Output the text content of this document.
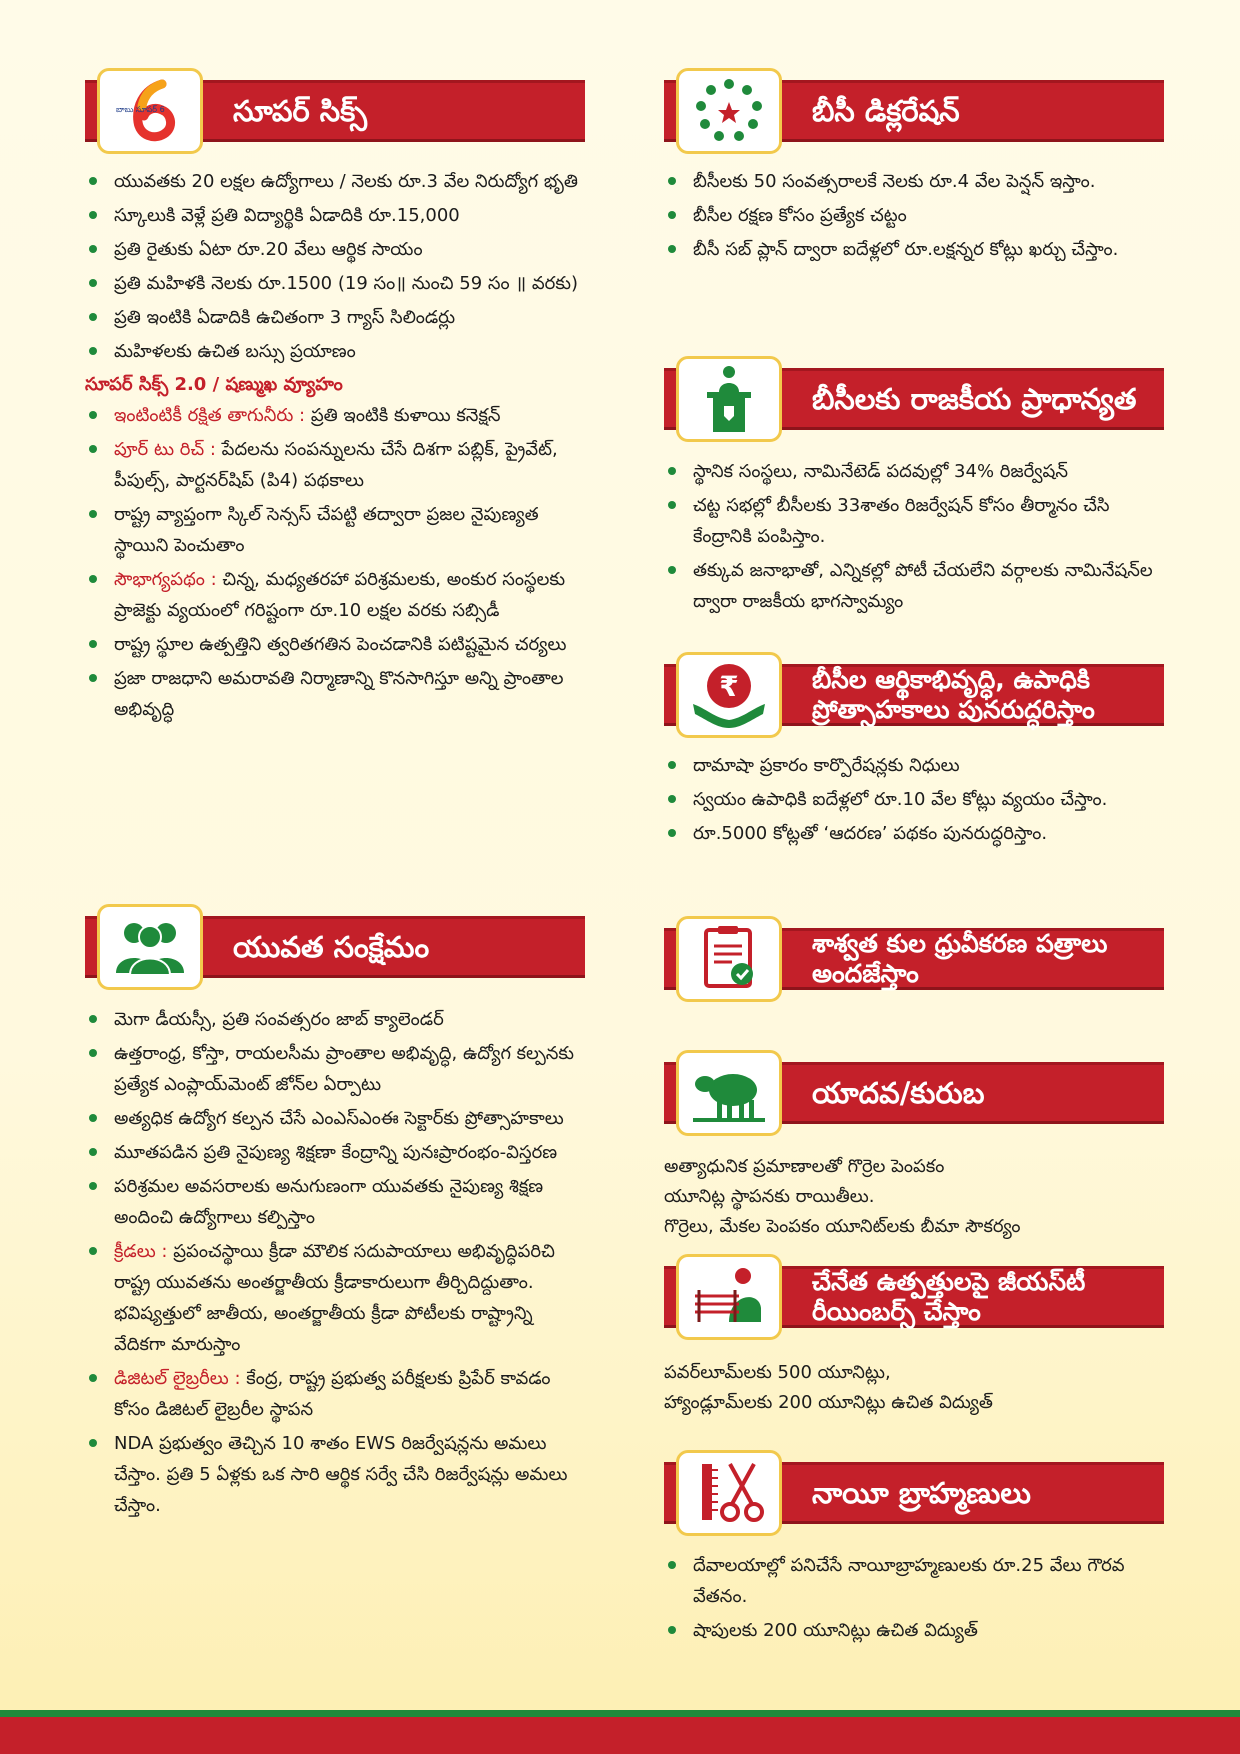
బాబు సూపర్ 6 సూపర్ సిక్స్
యువతకు 20 లక్షల ఉద్యోగాలు / నెలకు రూ.3 వేల నిరుద్యోగ భృతి
స్కూలుకి వెళ్లే ప్రతి విద్యార్థికి ఏడాదికి రూ.15,000
ప్రతి రైతుకు ఏటా రూ.20 వేలు ఆర్థిక సాయం
ప్రతి మహిళకి నెలకు రూ.1500 (19 సం॥ నుంచి 59 సం ॥ వరకు)
ప్రతి ఇంటికి ఏడాదికి ఉచితంగా 3 గ్యాస్ సిలిండర్లు
మహిళలకు ఉచిత బస్సు ప్రయాణం
సూపర్ సిక్స్ 2.0 / షణ్ముఖ వ్యూహం
ఇంటింటికీ రక్షిత తాగునీరు : ప్రతి ఇంటికి కుళాయి కనెక్షన్
పూర్ టు రిచ్ : పేదలను సంపన్నులను చేసే దిశగా పబ్లిక్, ప్రైవేట్, పీపుల్స్, పార్టనర్‌షిప్ (పి4) పథకాలు
రాష్ట్ర వ్యాప్తంగా స్కిల్ సెన్సస్ చేపట్టి తద్వారా ప్రజల నైపుణ్యత స్థాయిని పెంచుతాం
సౌభాగ్యపథం : చిన్న, మధ్యతరహా పరిశ్రమలకు, అంకుర సంస్థలకు ప్రాజెక్టు వ్యయంలో గరిష్టంగా రూ.10 లక్షల వరకు సబ్సిడీ
రాష్ట్ర స్థూల ఉత్పత్తిని త్వరితగతిన పెంచడానికి పటిష్టమైన చర్యలు
ప్రజా రాజధాని అమరావతి నిర్మాణాన్ని కొనసాగిస్తూ అన్ని ప్రాంతాల అభివృద్ధి
యువత సంక్షేమం
మెగా డీయస్సీ, ప్రతి సంవత్సరం జాబ్ క్యాలెండర్
ఉత్తరాంధ్ర, కోస్తా, రాయలసీమ ప్రాంతాల అభివృద్ధి, ఉద్యోగ కల్పనకు ప్రత్యేక ఎంప్లాయ్‌మెంట్ జోన్‌ల ఏర్పాటు
అత్యధిక ఉద్యోగ కల్పన చేసే ఎంఎస్‌ఎంఈ సెక్టార్‌కు ప్రోత్సాహకాలు
మూతపడిన ప్రతి నైపుణ్య శిక్షణా కేంద్రాన్ని పునఃప్రారంభం-విస్తరణ
పరిశ్రమల అవసరాలకు అనుగుణంగా యువతకు నైపుణ్య శిక్షణ అందించి ఉద్యోగాలు కల్పిస్తాం
క్రీడలు : ప్రపంచస్థాయి క్రీడా మౌలిక సదుపాయాలు అభివృద్ధిపరిచి రాష్ట్ర యువతను అంతర్జాతీయ క్రీడాకారులుగా తీర్చిదిద్దుతాం. భవిష్యత్తులో జాతీయ, అంతర్జాతీయ క్రీడా పోటీలకు రాష్ట్రాన్ని వేదికగా మారుస్తాం
డిజిటల్ లైబ్రరీలు : కేంద్ర, రాష్ట్ర ప్రభుత్వ పరీక్షలకు ప్రిపేర్ కావడం కోసం డిజిటల్ లైబ్రరీల స్థాపన
NDA ప్రభుత్వం తెచ్చిన 10 శాతం EWS రిజర్వేషన్లను అమలు చేస్తాం. ప్రతి 5 ఏళ్లకు ఒక సారి ఆర్థిక సర్వే చేసి రిజర్వేషన్లు అమలు చేస్తాం.
బీసీ డిక్లరేషన్
బీసీలకు 50 సంవత్సరాలకే నెలకు రూ.4 వేల పెన్షన్ ఇస్తాం.
బీసీల రక్షణ కోసం ప్రత్యేక చట్టం
బీసీ సబ్ ప్లాన్ ద్వారా ఐదేళ్లలో రూ.లక్షన్నర కోట్లు ఖర్చు చేస్తాం.
బీసీలకు రాజకీయ ప్రాధాన్యత
స్థానిక సంస్థలు, నామినేటెడ్ పదవుల్లో 34% రిజర్వేషన్
చట్ట సభల్లో బీసీలకు 33శాతం రిజర్వేషన్ కోసం తీర్మానం చేసి కేంద్రానికి పంపిస్తాం.
తక్కువ జనాభాతో, ఎన్నికల్లో పోటీ చేయలేని వర్గాలకు నామినేషన్‌ల ద్వారా రాజకీయ భాగస్వామ్యం
₹	బీసీల ఆర్థికాభివృద్ధి, ఉపాధికి ప్రోత్సాహకాలు పునరుద్ధరిస్తాం
దామాషా ప్రకారం కార్పొరేషన్లకు నిధులు
స్వయం ఉపాధికి ఐదేళ్లలో రూ.10 వేల కోట్లు వ్యయం చేస్తాం.
రూ.5000 కోట్లతో ‘ఆదరణ’ పథకం పునరుద్ధరిస్తాం.
శాశ్వత కుల ధ్రువీకరణ పత్రాలు అందజేస్తాం
యాదవ/కురుబ

అత్యాధునిక ప్రమాణాలతో గొర్రెల పెంపకం

యూనిట్ల స్థాపనకు రాయితీలు.

గొర్రెలు, మేకల పెంపకం యూనిట్‌లకు బీమా సౌకర్యం

చేనేత ఉత్పత్తులపై జీయస్‌టీ రీయింబర్స్ చేస్తాం

పవర్‌లూమ్‌లకు 500 యూనిట్లు,

హ్యాండ్లూమ్‌లకు 200 యూనిట్లు ఉచిత విద్యుత్

నాయీ బ్రాహ్మణులు
దేవాలయాల్లో పనిచేసే నాయీబ్రాహ్మణులకు రూ.25 వేలు గౌరవ వేతనం.
షాపులకు 200 యూనిట్లు ఉచిత విద్యుత్
